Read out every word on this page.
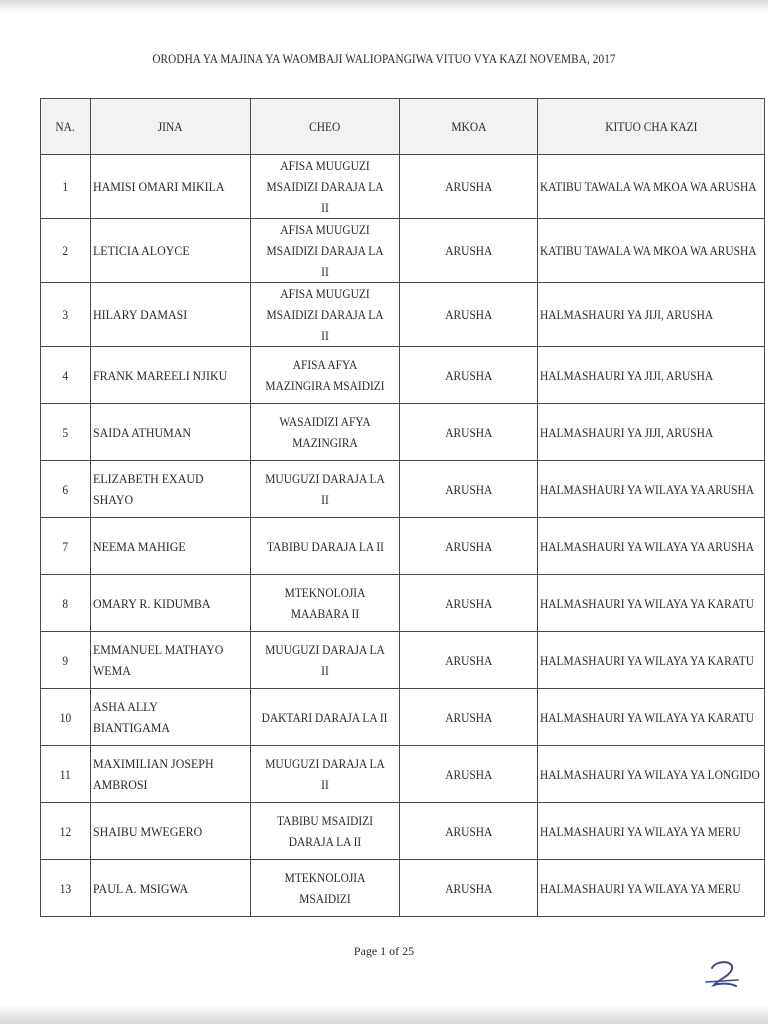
ORODHA YA MAJINA YA WAOMBAJI WALIOPANGIWA VITUO VYA KAZI NOVEMBA, 2017
NA.	JINA	CHEO	MKOA	KITUO CHA KAZI
1	HAMISI OMARI MIKILA	AFISA MUUGUZI MSAIDIZI DARAJA LA II	ARUSHA	KATIBU TAWALA WA MKOA WA ARUSHA
2	LETICIA ALOYCE	AFISA MUUGUZI MSAIDIZI DARAJA LA II	ARUSHA	KATIBU TAWALA WA MKOA WA ARUSHA
3	HILARY DAMASI	AFISA MUUGUZI MSAIDIZI DARAJA LA II	ARUSHA	HALMASHAURI YA JIJI, ARUSHA
4	FRANK MAREELI NJIKU	AFISA AFYA MAZINGIRA MSAIDIZI	ARUSHA	HALMASHAURI YA JIJI, ARUSHA
5	SAIDA ATHUMAN	WASAIDIZI AFYA MAZINGIRA	ARUSHA	HALMASHAURI YA JIJI, ARUSHA
6	ELIZABETH EXAUD SHAYO	MUUGUZI DARAJA LA II	ARUSHA	HALMASHAURI YA WILAYA YA ARUSHA
7	NEEMA MAHIGE	TABIBU DARAJA LA II	ARUSHA	HALMASHAURI YA WILAYA YA ARUSHA
8	OMARY R. KIDUMBA	MTEKNOLOJIA MAABARA II	ARUSHA	HALMASHAURI YA WILAYA YA KARATU
9	EMMANUEL MATHAYO WEMA	MUUGUZI DARAJA LA II	ARUSHA	HALMASHAURI YA WILAYA YA KARATU
10	ASHA ALLY BIANTIGAMA	DAKTARI DARAJA LA II	ARUSHA	HALMASHAURI YA WILAYA YA KARATU
11	MAXIMILIAN JOSEPH AMBROSI	MUUGUZI DARAJA LA II	ARUSHA	HALMASHAURI YA WILAYA YA LONGIDO
12	SHAIBU MWEGERO	TABIBU MSAIDIZI DARAJA LA II	ARUSHA	HALMASHAURI YA WILAYA YA MERU
13	PAUL A. MSIGWA	MTEKNOLOJIA MSAIDIZI	ARUSHA	HALMASHAURI YA WILAYA YA MERU
Page 1 of 25
